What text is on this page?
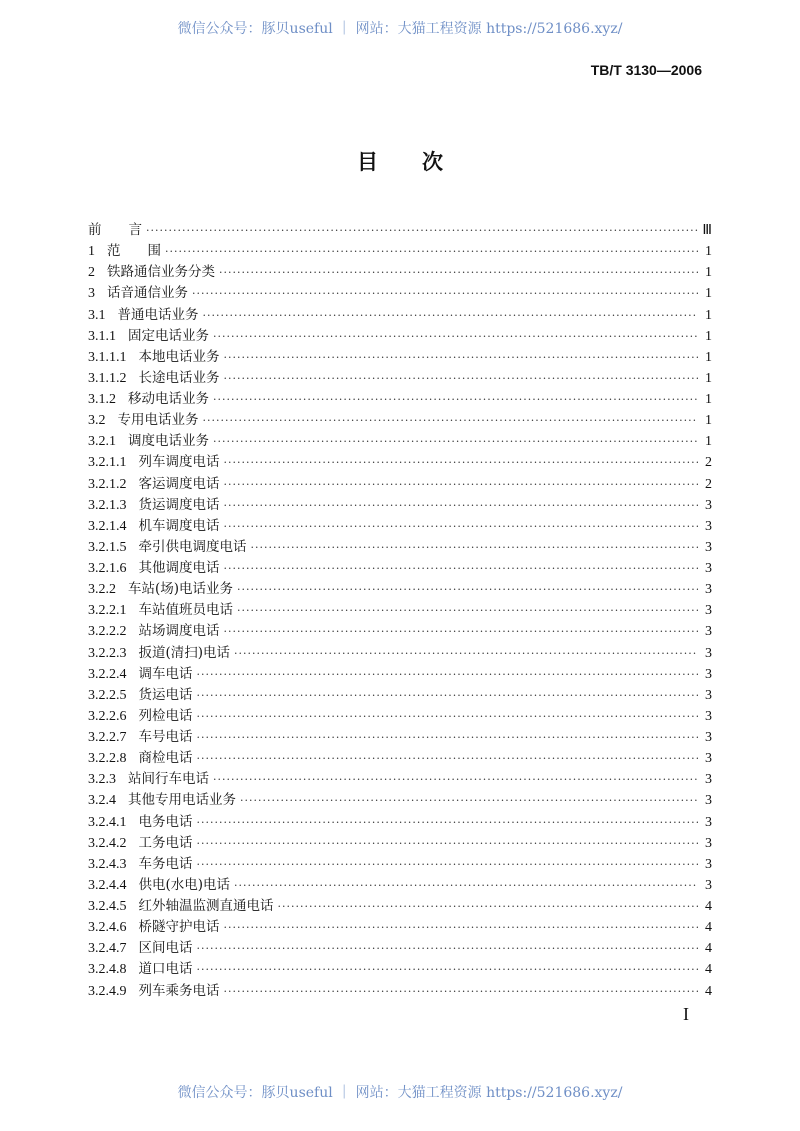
微信公众号：豚贝useful ｜ 网站：大猫工程资源 https://521686.xyz/
TB/T 3130—2006
目次
前　　言 ·····	Ⅲ
1 范　　围 ·····	1
2 铁路通信业务分类 ·····	1
3 话音通信业务 ·····	1
3.1 普通电话业务 ·····	1
3.1.1 固定电话业务 ·····	1
3.1.1.1 本地电话业务 ·····	1
3.1.1.2 长途电话业务 ·····	1
3.1.2 移动电话业务 ·····	1
3.2 专用电话业务 ·····	1
3.2.1 调度电话业务 ·····	1
3.2.1.1 列车调度电话 ·····	2
3.2.1.2 客运调度电话 ·····	2
3.2.1.3 货运调度电话 ·····	3
3.2.1.4 机车调度电话 ·····	3
3.2.1.5 牵引供电调度电话 ·····	3
3.2.1.6 其他调度电话 ·····	3
3.2.2 车站(场)电话业务 ·····	3
3.2.2.1 车站值班员电话 ·····	3
3.2.2.2 站场调度电话 ·····	3
3.2.2.3 扳道(清扫)电话 ·····	3
3.2.2.4 调车电话 ·····	3
3.2.2.5 货运电话 ·····	3
3.2.2.6 列检电话 ·····	3
3.2.2.7 车号电话 ·····	3
3.2.2.8 商检电话 ·····	3
3.2.3 站间行车电话 ·····	3
3.2.4 其他专用电话业务 ·····	3
3.2.4.1 电务电话 ·····	3
3.2.4.2 工务电话 ·····	3
3.2.4.3 车务电话 ·····	3
3.2.4.4 供电(水电)电话 ·····	3
3.2.4.5 红外轴温监测直通电话 ·····	4
3.2.4.6 桥隧守护电话 ·····	4
3.2.4.7 区间电话 ·····	4
3.2.4.8 道口电话 ·····	4
3.2.4.9 列车乘务电话 ·····	4
I
微信公众号：豚贝useful ｜ 网站：大猫工程资源 https://521686.xyz/
